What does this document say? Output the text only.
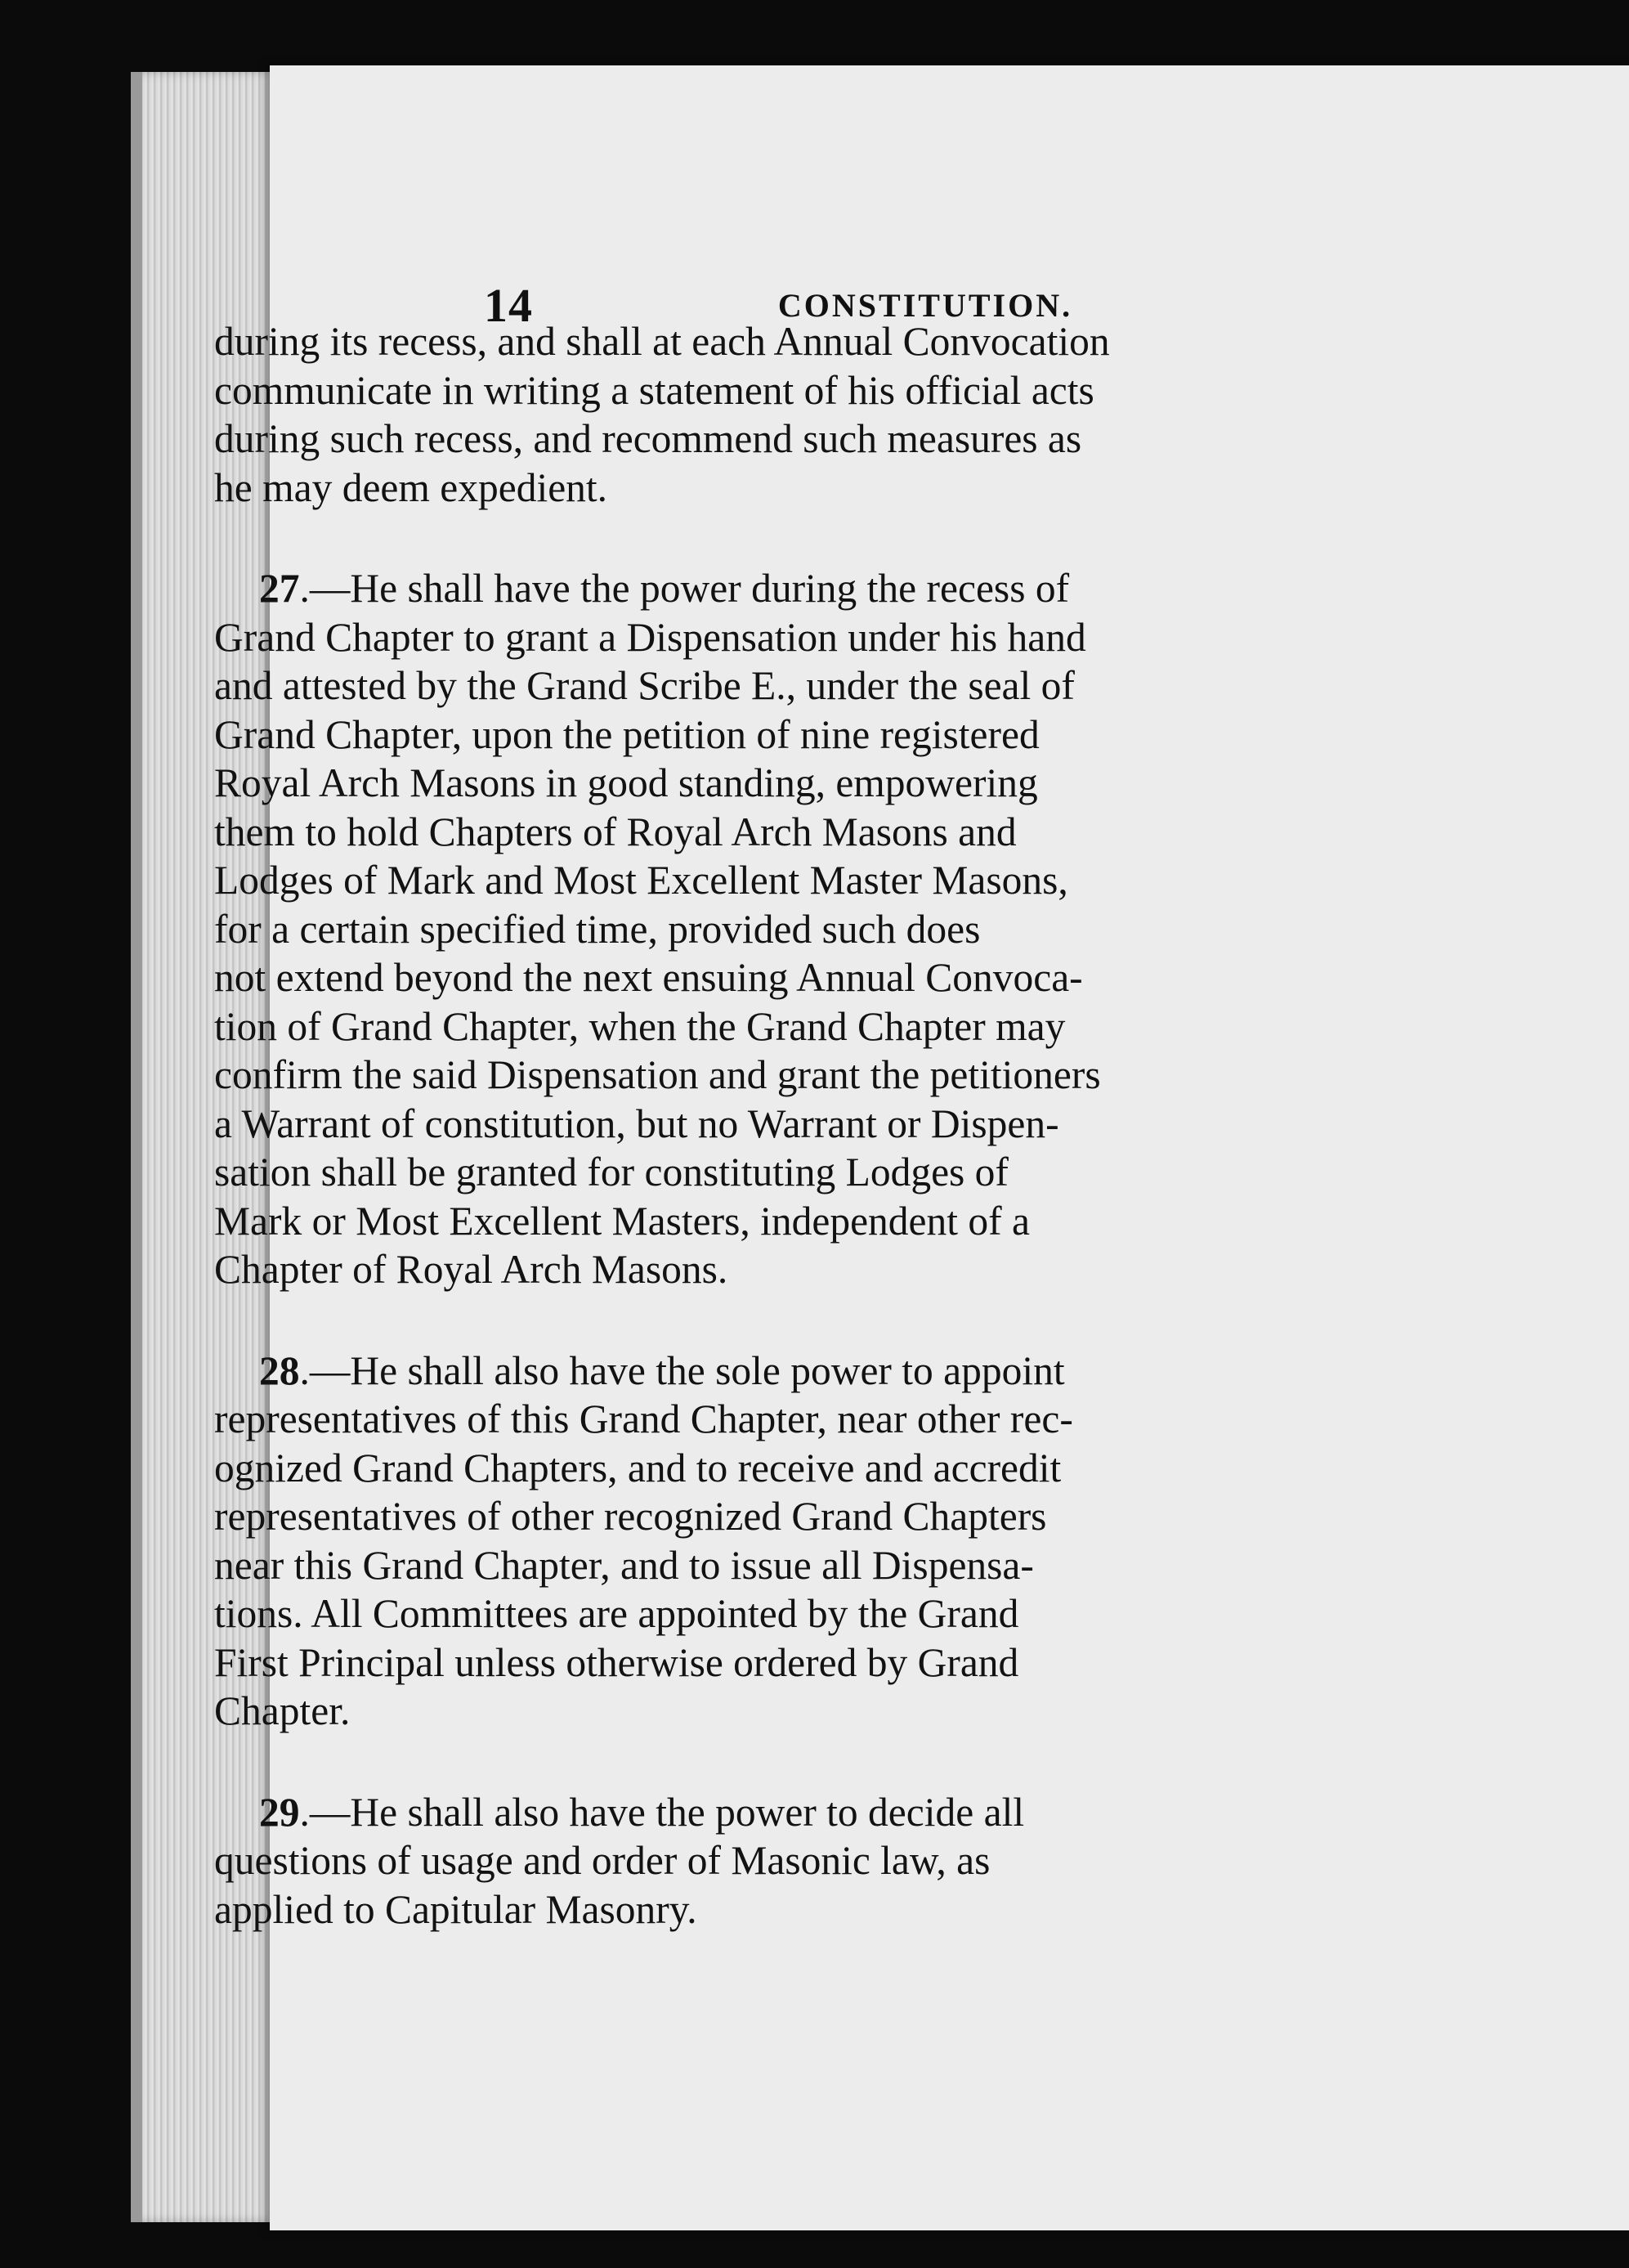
14	CONSTITUTION.
during its recess, and shall at each Annual Convocation
communicate in writing a statement of his official acts
during such recess, and recommend such measures as
he may deem expedient.
27.—He shall have the power during the recess of
Grand Chapter to grant a Dispensation under his hand
and attested by the Grand Scribe E., under the seal of
Grand Chapter, upon the petition of nine registered
Royal Arch Masons in good standing, empowering
them to hold Chapters of Royal Arch Masons and
Lodges of Mark and Most Excellent Master Masons,
for a certain specified time, provided such does
not extend beyond the next ensuing Annual Convoca-
tion of Grand Chapter, when the Grand Chapter may
confirm the said Dispensation and grant the petitioners
a Warrant of constitution, but no Warrant or Dispen-
sation shall be granted for constituting Lodges of
Mark or Most Excellent Masters, independent of a
Chapter of Royal Arch Masons.
28.—He shall also have the sole power to appoint
representatives of this Grand Chapter, near other rec-
ognized Grand Chapters, and to receive and accredit
representatives of other recognized Grand Chapters
near this Grand Chapter, and to issue all Dispensa-
tions. All Committees are appointed by the Grand
First Principal unless otherwise ordered by Grand
Chapter.
29.—He shall also have the power to decide all
questions of usage and order of Masonic law, as
applied to Capitular Masonry.
